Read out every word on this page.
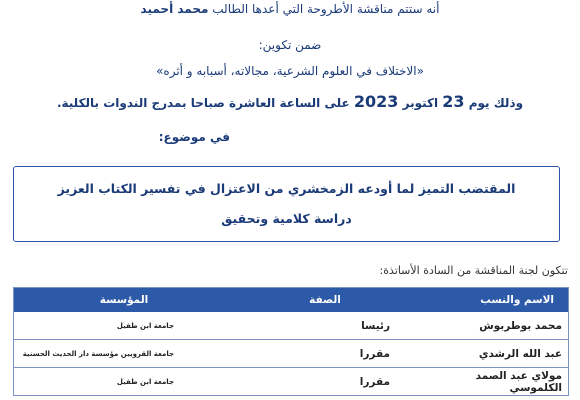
أنه ستتم مناقشة الأطروحة التي أعدها الطالب محمد أحميد
ضمن تكوين:
«الاختلاف في العلوم الشرعية، مجالاته، أسبابه و أثره»
وذلك يوم 23 اكتوبر 2023 على الساعة العاشرة صباحا بمدرج الندوات بالكلية.
في موضوع:
المقتضب التميز لما أودعه الزمخشري من الاعتزال في تفسير الكتاب العزيز
دراسة كلامية وتحقيق
تتكون لجنة المناقشة من السادة الأساتذة:
الاسم والنسب	الصفة	المؤسسة
محمد بوطربوش	رئيسا	جامعة ابن طفيل
عبد الله الرشدي	مقررا	جامعة القرويين مؤسسة دار الحديث الحسنية
مولاي عبد الصمد الكلموسي	مقررا	جامعة ابن طفيل
